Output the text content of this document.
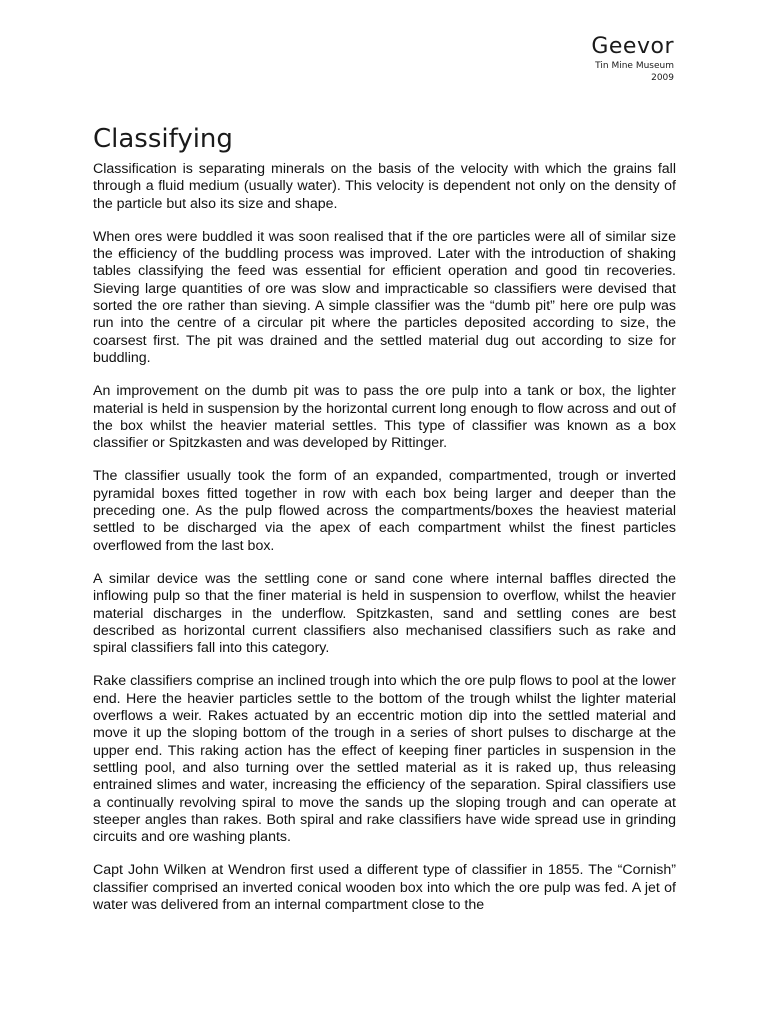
Geevor
Tin Mine Museum
2009
Classifying

Classification is separating minerals on the basis of the velocity with which the grains fall through a fluid medium (usually water). This velocity is dependent not only on the density of the particle but also its size and shape.

When ores were buddled it was soon realised that if the ore particles were all of similar size the efficiency of the buddling process was improved. Later with the introduction of shaking tables classifying the feed was essential for efficient operation and good tin recoveries. Sieving large quantities of ore was slow and impracticable so classifiers were devised that sorted the ore rather than sieving. A simple classifier was the “dumb pit” here ore pulp was run into the centre of a circular pit where the particles deposited according to size, the coarsest first. The pit was drained and the settled material dug out according to size for buddling.

An improvement on the dumb pit was to pass the ore pulp into a tank or box, the lighter material is held in suspension by the horizontal current long enough to flow across and out of the box whilst the heavier material settles. This type of classifier was known as a box classifier or Spitzkasten and was developed by Rittinger.

The classifier usually took the form of an expanded, compartmented, trough or inverted pyramidal boxes fitted together in row with each box being larger and deeper than the preceding one. As the pulp flowed across the compartments/boxes the heaviest material settled to be discharged via the apex of each compartment whilst the finest particles overflowed from the last box.

A similar device was the settling cone or sand cone where internal baffles directed the inflowing pulp so that the finer material is held in suspension to overflow, whilst the heavier material discharges in the underflow. Spitzkasten, sand and settling cones are best described as horizontal current classifiers also mechanised classifiers such as rake and spiral classifiers fall into this category.

Rake classifiers comprise an inclined trough into which the ore pulp flows to pool at the lower end. Here the heavier particles settle to the bottom of the trough whilst the lighter material overflows a weir. Rakes actuated by an eccentric motion dip into the settled material and move it up the sloping bottom of the trough in a series of short pulses to discharge at the upper end. This raking action has the effect of keeping finer particles in suspension in the settling pool, and also turning over the settled material as it is raked up, thus releasing entrained slimes and water, increasing the efficiency of the separation. Spiral classifiers use a continually revolving spiral to move the sands up the sloping trough and can operate at steeper angles than rakes. Both spiral and rake classifiers have wide spread use in grinding circuits and ore washing plants.

Capt John Wilken at Wendron first used a different type of classifier in 1855. The “Cornish” classifier comprised an inverted conical wooden box into which the ore pulp was fed. A jet of water was delivered from an internal compartment close to the
